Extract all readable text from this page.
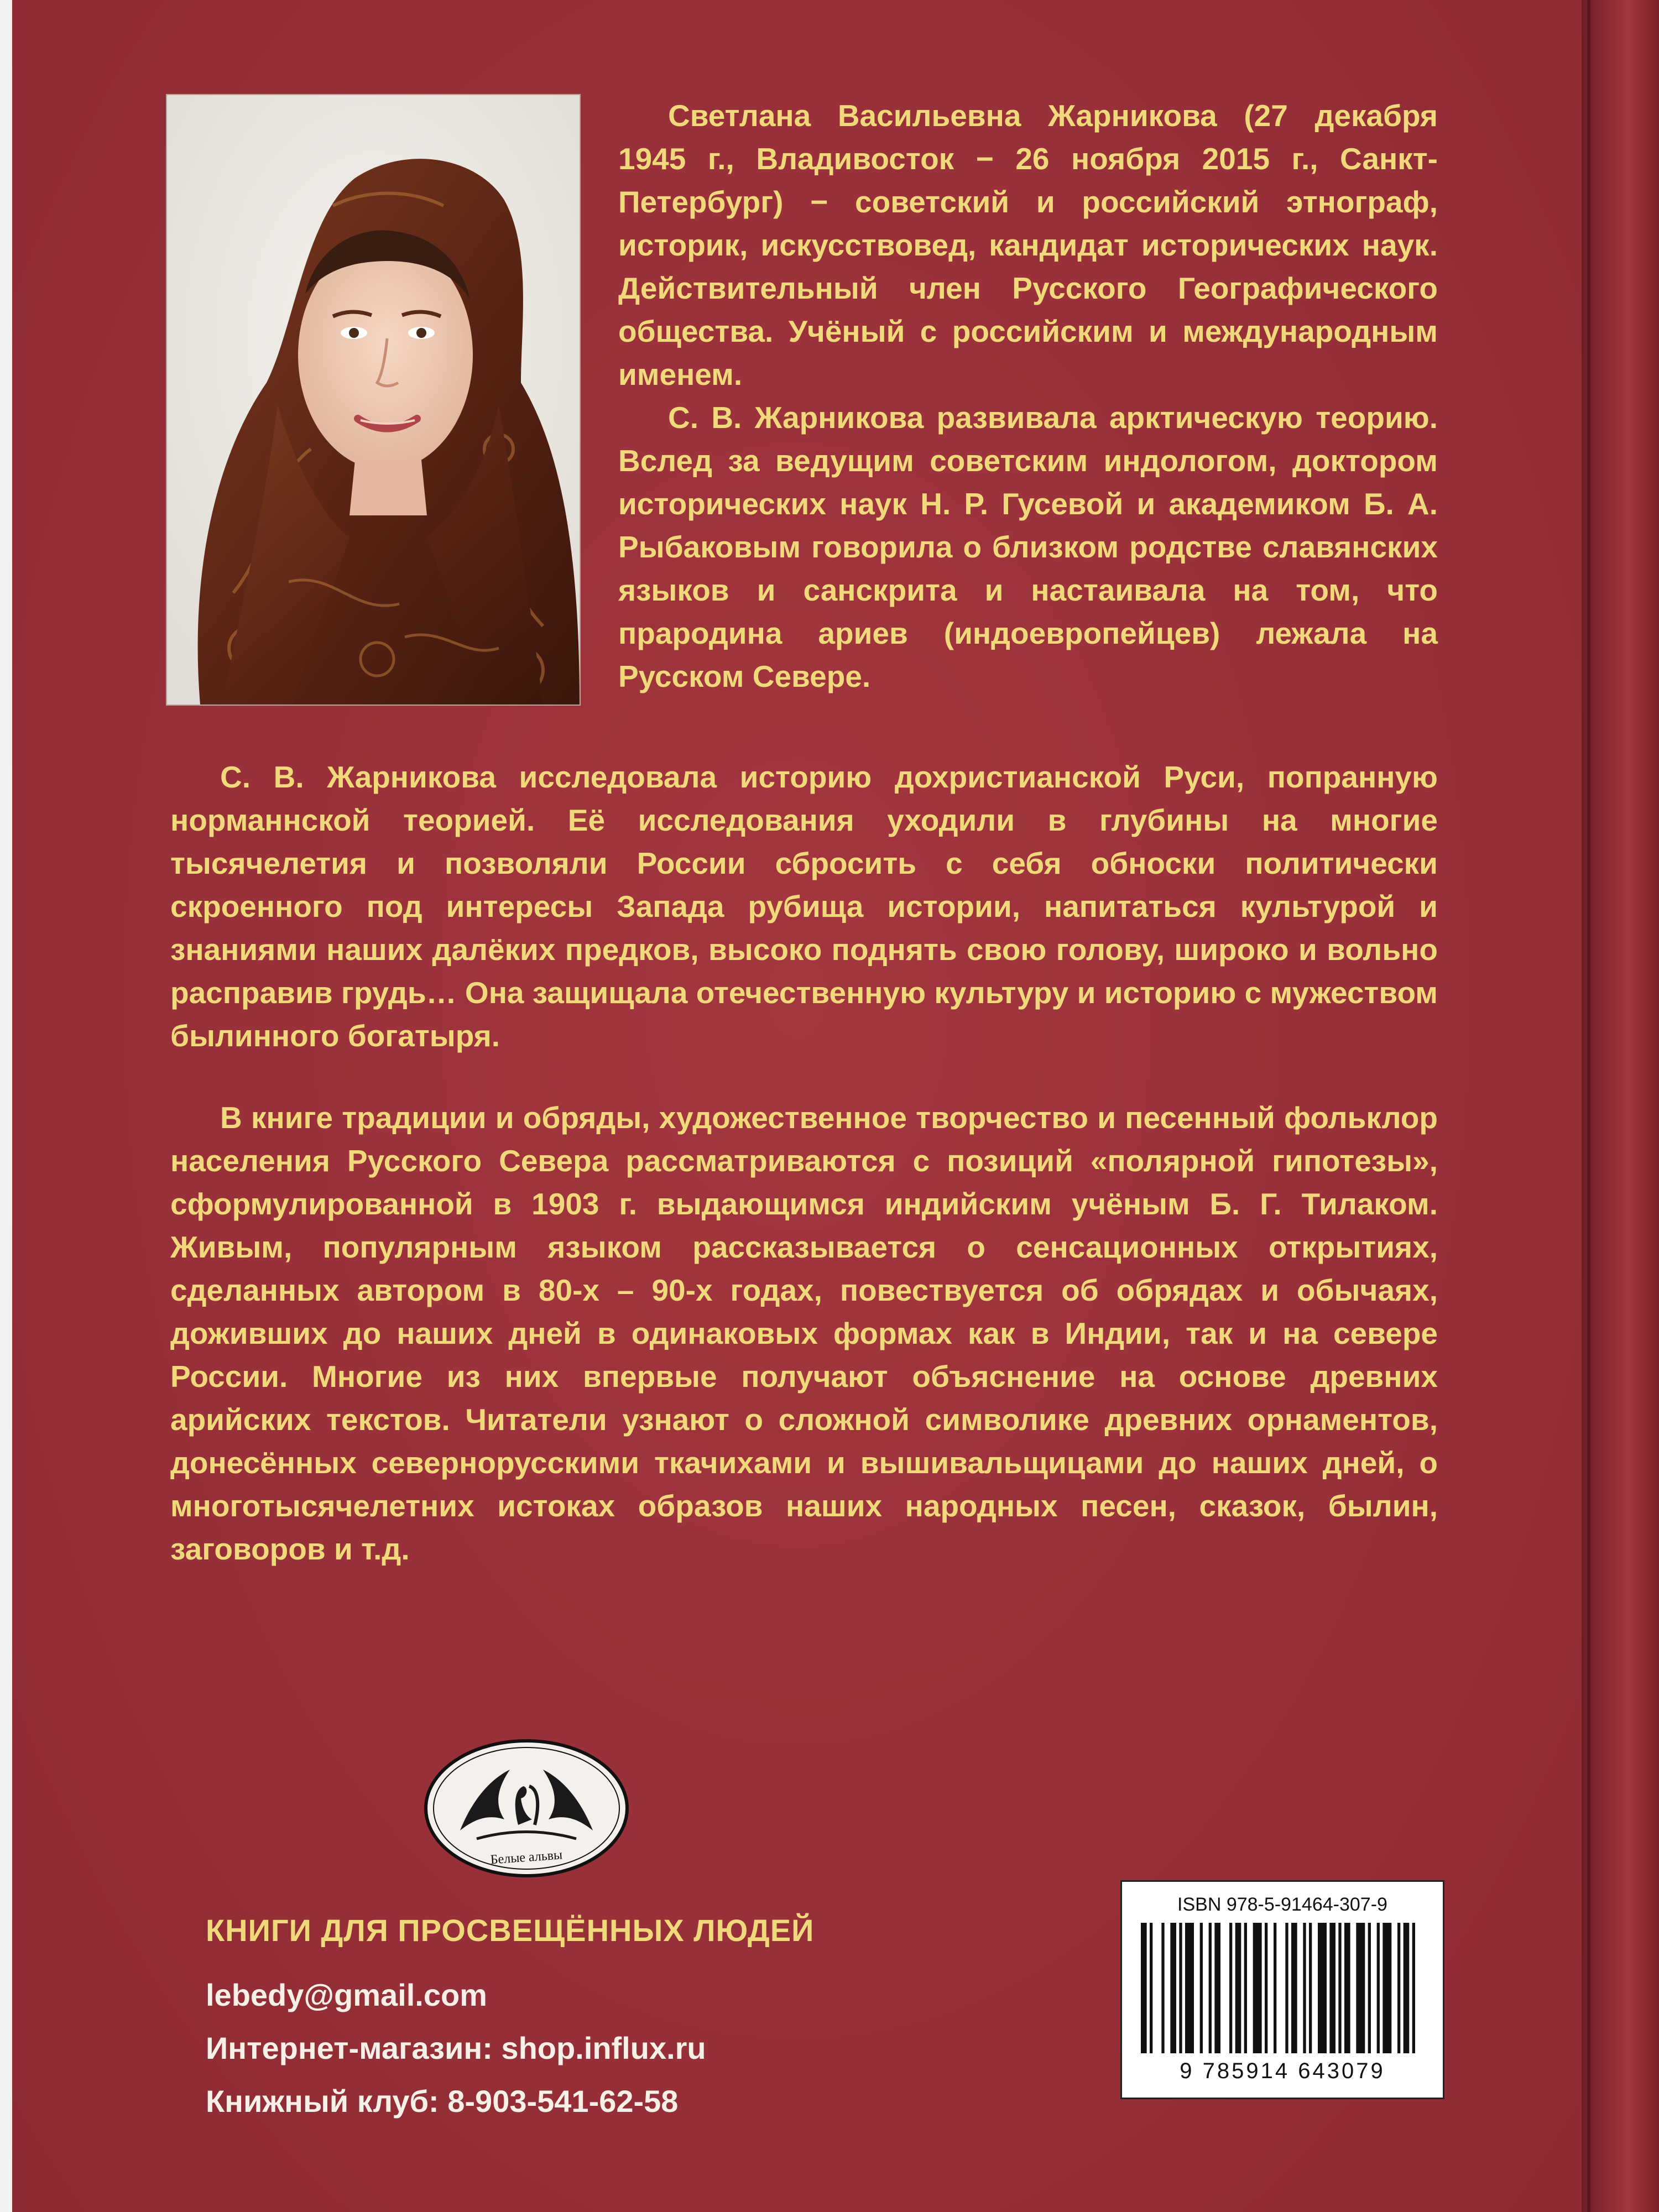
Светлана Васильевна Жарникова (27 декабря 1945 г., Владивосток − 26 ноября 2015 г., Санкт-Петербург) − советский и российский этнограф, историк, искусствовед, кандидат исторических наук. Действительный член Русского Географического общества. Учёный с российским и международным именем.

С. В. Жарникова развивала арктическую теорию. Вслед за ведущим советским индологом, доктором исторических наук Н. Р. Гусевой и академиком Б. А. Рыбаковым говорила о близком родстве славянских языков и санскрита и настаивала на том, что прародина ариев (индоевропейцев) лежала на Русском Севере.

С. В. Жарникова исследовала историю дохристианской Руси, попранную норманнской теорией. Её исследования уходили в глубины на многие тысячелетия и позволяли России сбросить с себя обноски политически скроенного под интересы Запада рубища истории, напитаться культурой и знаниями наших далёких предков, высоко поднять свою голову, широко и вольно расправив грудь… Она защищала отечественную культуру и историю с мужеством былинного богатыря.

В книге традиции и обряды, художественное творчество и песенный фольклор населения Русского Севера рассматриваются с позиций «полярной гипотезы», сформулированной в 1903 г. выдающимся индийским учёным Б. Г. Тилаком. Живым, популярным языком рассказывается о сенсационных открытиях, сделанных автором в 80-х – 90-х годах, повествуется об обрядах и обычаях, доживших до наших дней в одинаковых формах как в Индии, так и на севере России. Многие из них впервые получают объяснение на основе древних арийских текстов. Читатели узнают о сложной символике древних орнаментов, донесённых севернорусскими ткачихами и вышивальщицами до наших дней, о многотысячелетних истоках образов наших народных песен, сказок, былин, заговоров и т.д.

Белые альвы
КНИГИ ДЛЯ ПРОСВЕЩЁННЫХ ЛЮДЕЙ
lebedy@gmail.com
Интернет-магазин: shop.influx.ru
Книжный клуб: 8-903-541-62-58
ISBN 978-5-91464-307-9
9 785914 643079
